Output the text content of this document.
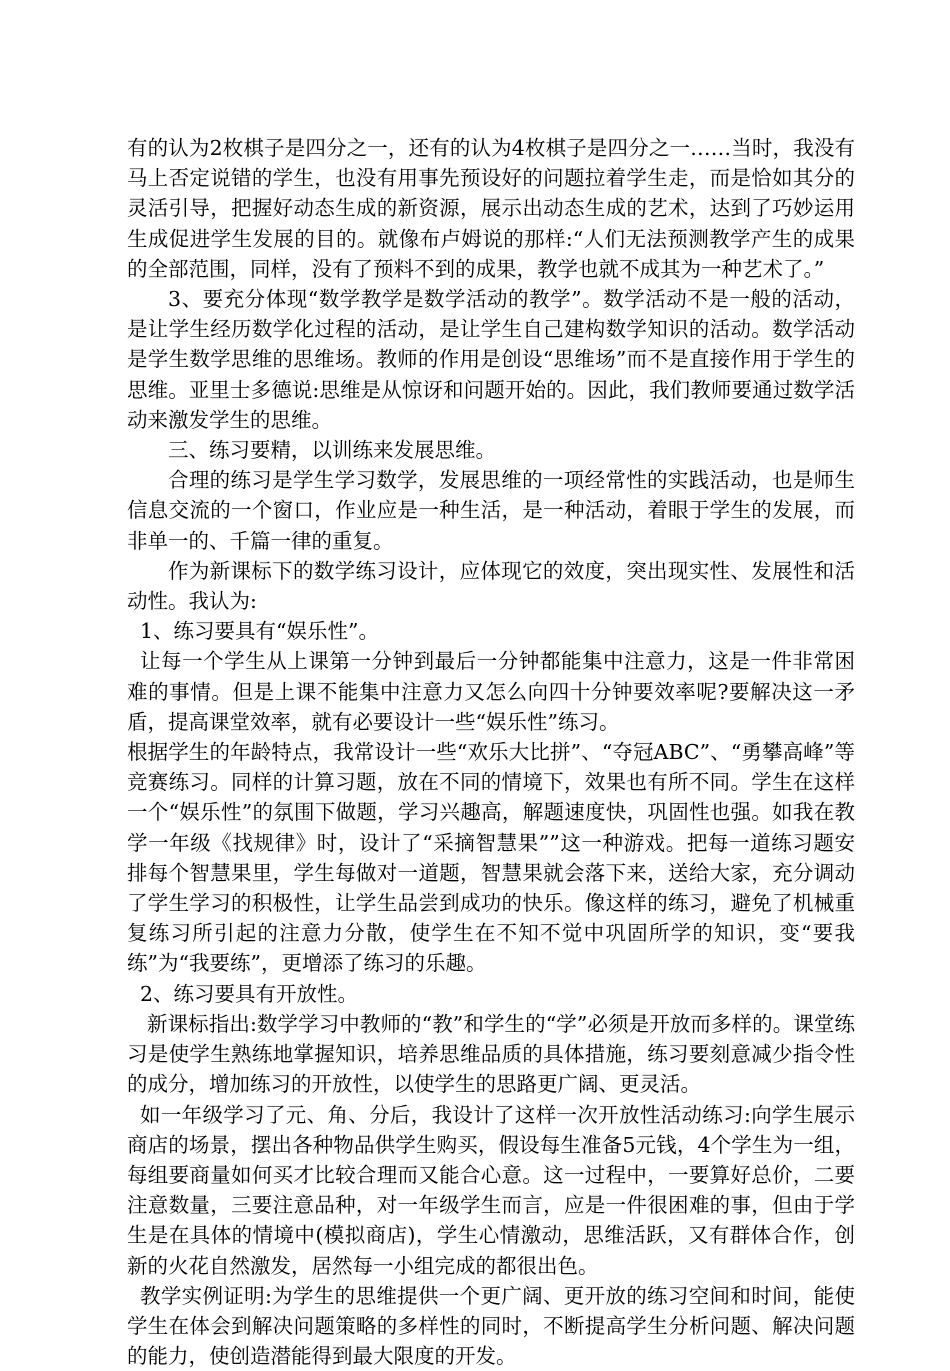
有的认为2枚棋子是四分之一，还有的认为4枚棋子是四分之一……当时，我没有马上否定说错的学生，也没有用事先预设好的问题拉着学生走，而是恰如其分的灵活引导，把握好动态生成的新资源，展示出动态生成的艺术，达到了巧妙运用生成促进学生发展的目的。就像布卢姆说的那样:“人们无法预测教学产生的成果的全部范围，同样，没有了预料不到的成果，教学也就不成其为一种艺术了。”

3、要充分体现“数学教学是数学活动的教学”。数学活动不是一般的活动，是让学生经历数学化过程的活动，是让学生自己建构数学知识的活动。数学活动是学生数学思维的思维场。教师的作用是创设“思维场”而不是直接作用于学生的思维。亚里士多德说:思维是从惊讶和问题开始的。因此，我们教师要通过数学活动来激发学生的思维。

三、练习要精，以训练来发展思维。

合理的练习是学生学习数学，发展思维的一项经常性的实践活动，也是师生信息交流的一个窗口，作业应是一种生活，是一种活动，着眼于学生的发展，而非单一的、千篇一律的重复。

作为新课标下的数学练习设计，应体现它的效度，突出现实性、发展性和活动性。我认为:

1、练习要具有“娱乐性”。

让每一个学生从上课第一分钟到最后一分钟都能集中注意力，这是一件非常困难的事情。但是上课不能集中注意力又怎么向四十分钟要效率呢?要解决这一矛盾，提高课堂效率，就有必要设计一些“娱乐性”练习。

根据学生的年龄特点，我常设计一些“欢乐大比拼”、“夺冠ABC”、“勇攀高峰”等竞赛练习。同样的计算习题，放在不同的情境下，效果也有所不同。学生在这样一个“娱乐性”的氛围下做题，学习兴趣高，解题速度快，巩固性也强。如我在教学一年级《找规律》时，设计了“采摘智慧果””这一种游戏。把每一道练习题安排每个智慧果里，学生每做对一道题，智慧果就会落下来，送给大家，充分调动了学生学习的积极性，让学生品尝到成功的快乐。像这样的练习，避免了机械重复练习所引起的注意力分散，使学生在不知不觉中巩固所学的知识，变“要我练”为“我要练”，更增添了练习的乐趣。

2、练习要具有开放性。

新课标指出:数学学习中教师的“教”和学生的“学”必须是开放而多样的。课堂练习是使学生熟练地掌握知识，培养思维品质的具体措施，练习要刻意减少指令性的成分，增加练习的开放性，以使学生的思路更广阔、更灵活。

如一年级学习了元、角、分后，我设计了这样一次开放性活动练习:向学生展示商店的场景，摆出各种物品供学生购买，假设每生准备5元钱，4个学生为一组，每组要商量如何买才比较合理而又能合心意。这一过程中，一要算好总价，二要注意数量，三要注意品种，对一年级学生而言，应是一件很困难的事，但由于学生是在具体的情境中(模拟商店)，学生心情激动，思维活跃，又有群体合作，创新的火花自然激发，居然每一小组完成的都很出色。

教学实例证明:为学生的思维提供一个更广阔、更开放的练习空间和时间，能使学生在体会到解决问题策略的多样性的同时，不断提高学生分析问题、解决问题的能力，使创造潜能得到最大限度的开发。
